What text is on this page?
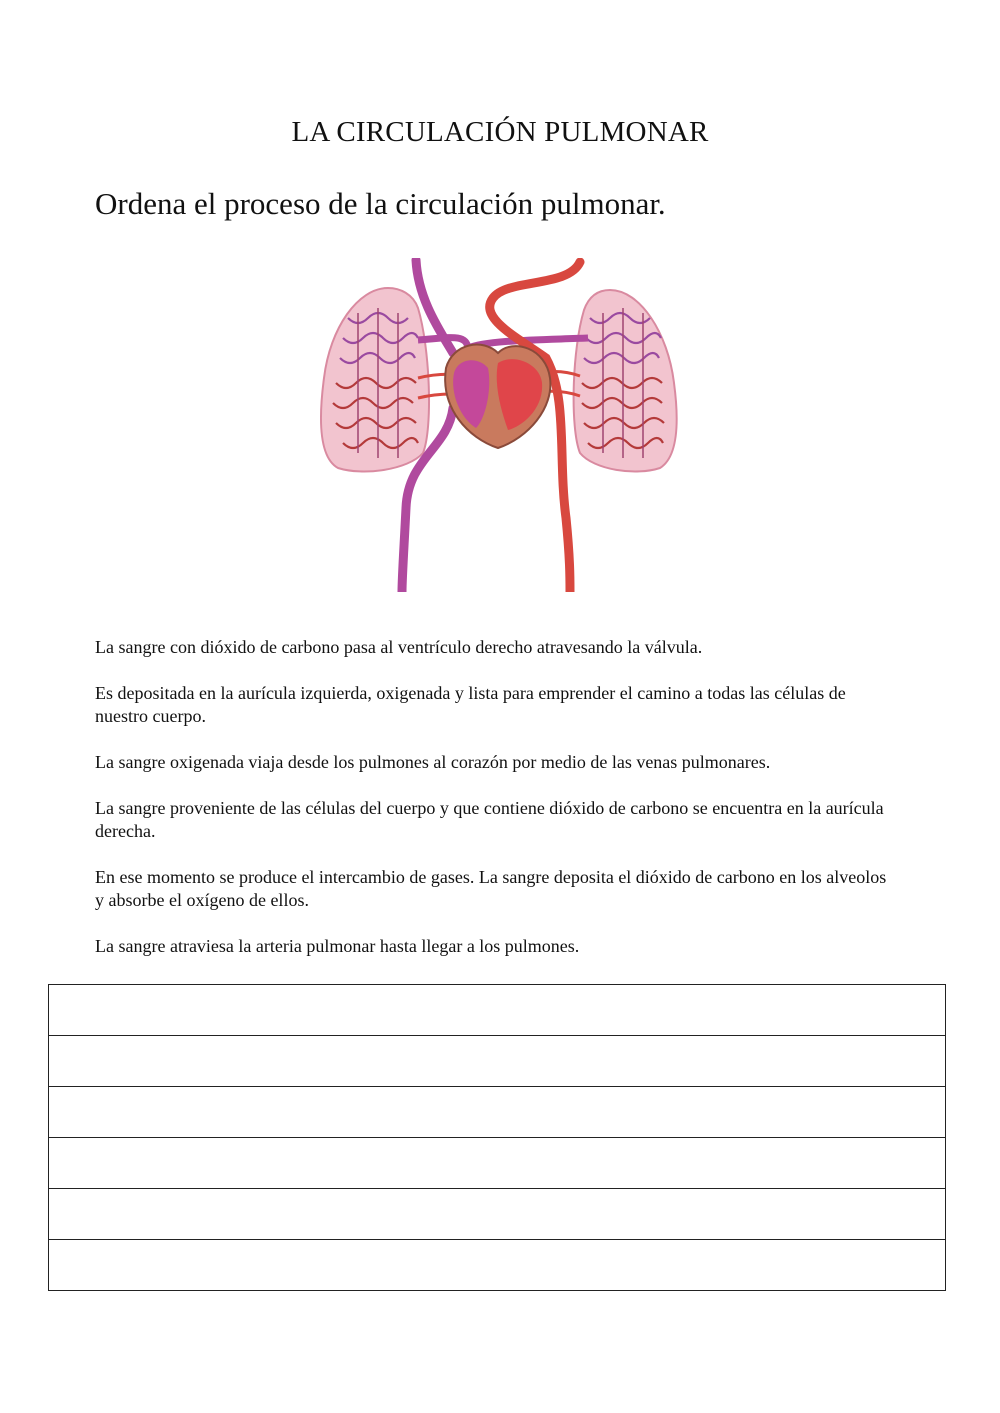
LA CIRCULACIÓN PULMONAR
Ordena el proceso de la circulación pulmonar.

La sangre con dióxido de carbono pasa al ventrículo derecho atravesando la válvula.

Es depositada en la aurícula izquierda, oxigenada y lista para emprender el camino a todas las células de nuestro cuerpo.

La sangre oxigenada viaja desde los pulmones al corazón por medio de las venas pulmonares.

La sangre proveniente de las células del cuerpo y que contiene dióxido de carbono se encuentra en la aurícula derecha.

En ese momento se produce el intercambio de gases. La sangre deposita el dióxido de carbono en los alveolos y absorbe el oxígeno de ellos.

La sangre atraviesa la arteria pulmonar hasta llegar a los pulmones.
